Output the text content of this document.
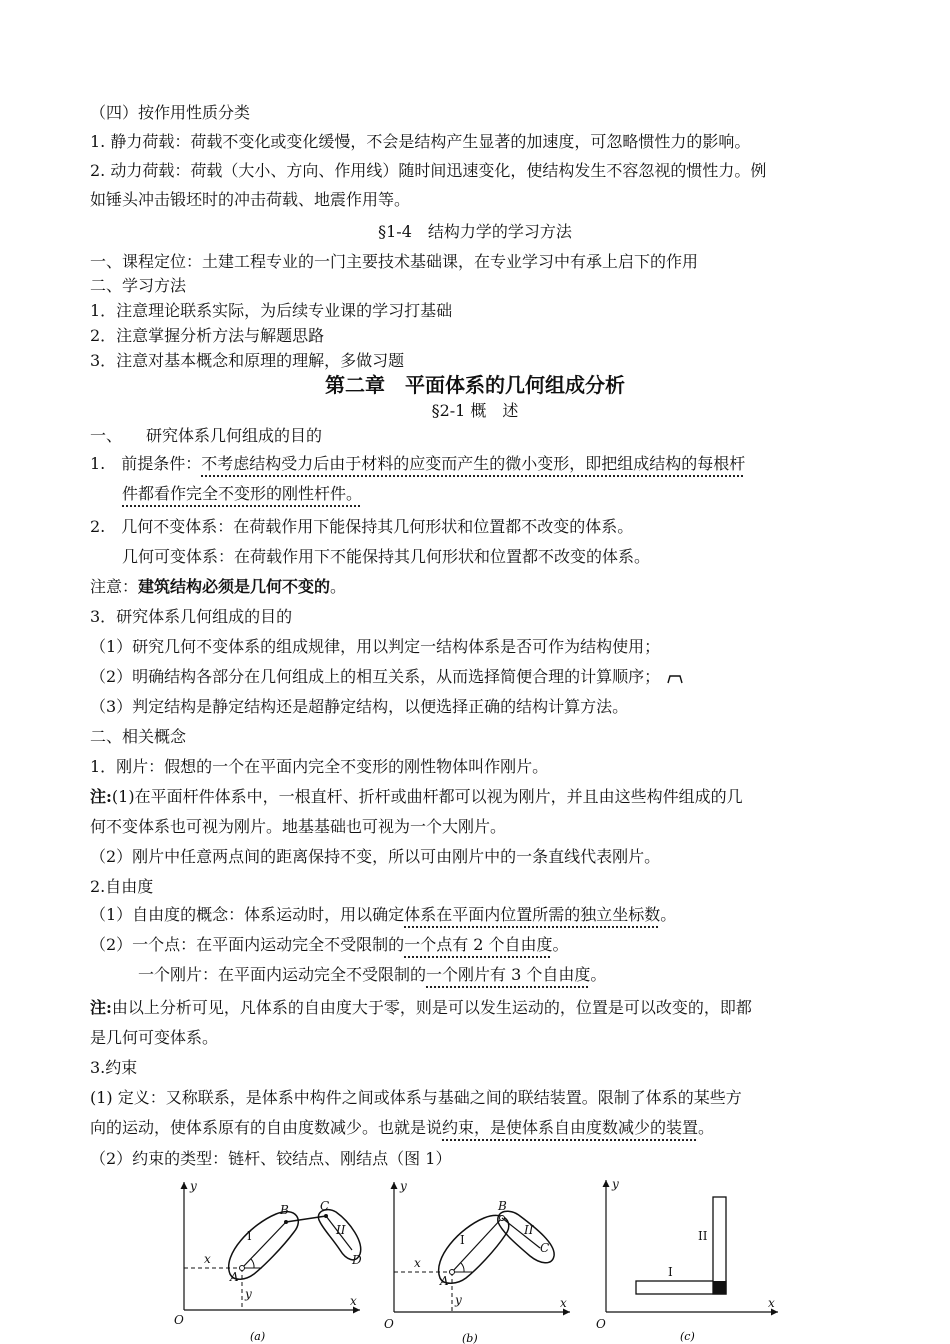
（四）按作用性质分类
1. 静力荷载：荷载不变化或变化缓慢，不会是结构产生显著的加速度，可忽略惯性力的影响。
2. 动力荷载：荷载（大小、方向、作用线）随时间迅速变化，使结构发生不容忽视的惯性力。例
如锤头冲击锻坯时的冲击荷载、地震作用等。
§1-4　结构力学的学习方法
一、课程定位：土建工程专业的一门主要技术基础课，在专业学习中有承上启下的作用
二、学习方法
1．注意理论联系实际，为后续专业课的学习打基础
2．注意掌握分析方法与解题思路
3．注意对基本概念和原理的理解，多做习题
第二章　平面体系的几何组成分析
§2-1 概　述
一、　　研究体系几何组成的目的
1.　前提条件：不考虑结构受力后由于材料的应变而产生的微小变形，即把组成结构的每根杆
件都看作完全不变形的刚性杆件。
2.　几何不变体系：在荷载作用下能保持其几何形状和位置都不改变的体系。
几何可变体系：在荷载作用下不能保持其几何形状和位置都不改变的体系。
注意：建筑结构必须是几何不变的。
3．研究体系几何组成的目的
（1）研究几何不变体系的组成规律，用以判定一结构体系是否可作为结构使用；
（2）明确结构各部分在几何组成上的相互关系，从而选择简便合理的计算顺序；
（3）判定结构是静定结构还是超静定结构，以便选择正确的结构计算方法。
二、相关概念
1．刚片：假想的一个在平面内完全不变形的刚性物体叫作刚片。
注:(1)在平面杆件体系中，一根直杆、折杆或曲杆都可以视为刚片，并且由这些构件组成的几
何不变体系也可视为刚片。地基基础也可视为一个大刚片。
（2）刚片中任意两点间的距离保持不变，所以可由刚片中的一条直线代表刚片。
2.自由度
（1）自由度的概念：体系运动时，用以确定体系在平面内位置所需的独立坐标数。
（2）一个点：在平面内运动完全不受限制的一个点有 2 个自由度。
一个刚片：在平面内运动完全不受限制的一个刚片有 3 个自由度。
注:由以上分析可见，凡体系的自由度大于零，则是可以发生运动的，位置是可以改变的，即都
是几何可变体系。
3.约束
(1) 定义：又称联系，是体系中构件之间或体系与基础之间的联结装置。限制了体系的某些方
向的运动，使体系原有的自由度数减少。也就是说约束，是使体系自由度数减少的装置。
（2）约束的类型：链杆、铰结点、刚结点（图 1）
y
x
O
x
y
A
I
B	C
II
D
(a)
y
x
O
x
y
A
I
B
II
C
(b)
y
x
O
I
II
(c)
